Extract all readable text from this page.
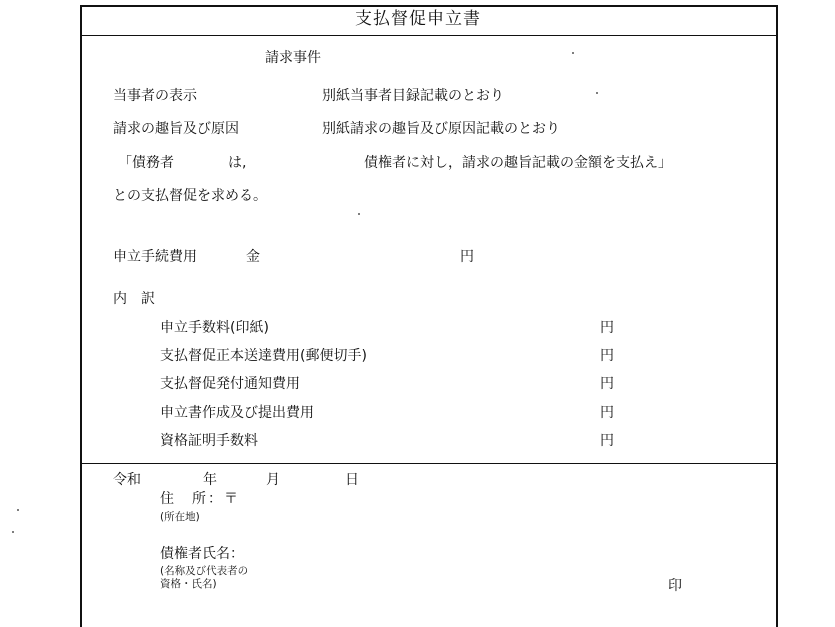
支払督促申立書
請求事件
当事者の表示	別紙当事者目録記載のとおり
請求の趣旨及び原因	別紙請求の趣旨及び原因記載のとおり
「債務者	は,	債権者に対し，請求の趣旨記載の金額を支払え」
との支払督促を求める。
申立手続費用	金	円
内　訳
申立手数料(印紙)	円
支払督促正本送達費用(郵便切手)	円
支払督促発付通知費用	円
申立書作成及び提出費用	円
資格証明手数料	円
令和	年	月	日
住　所：〒
(所在地)
債権者氏名：
(名称及び代表者の
資格・氏名)	印
